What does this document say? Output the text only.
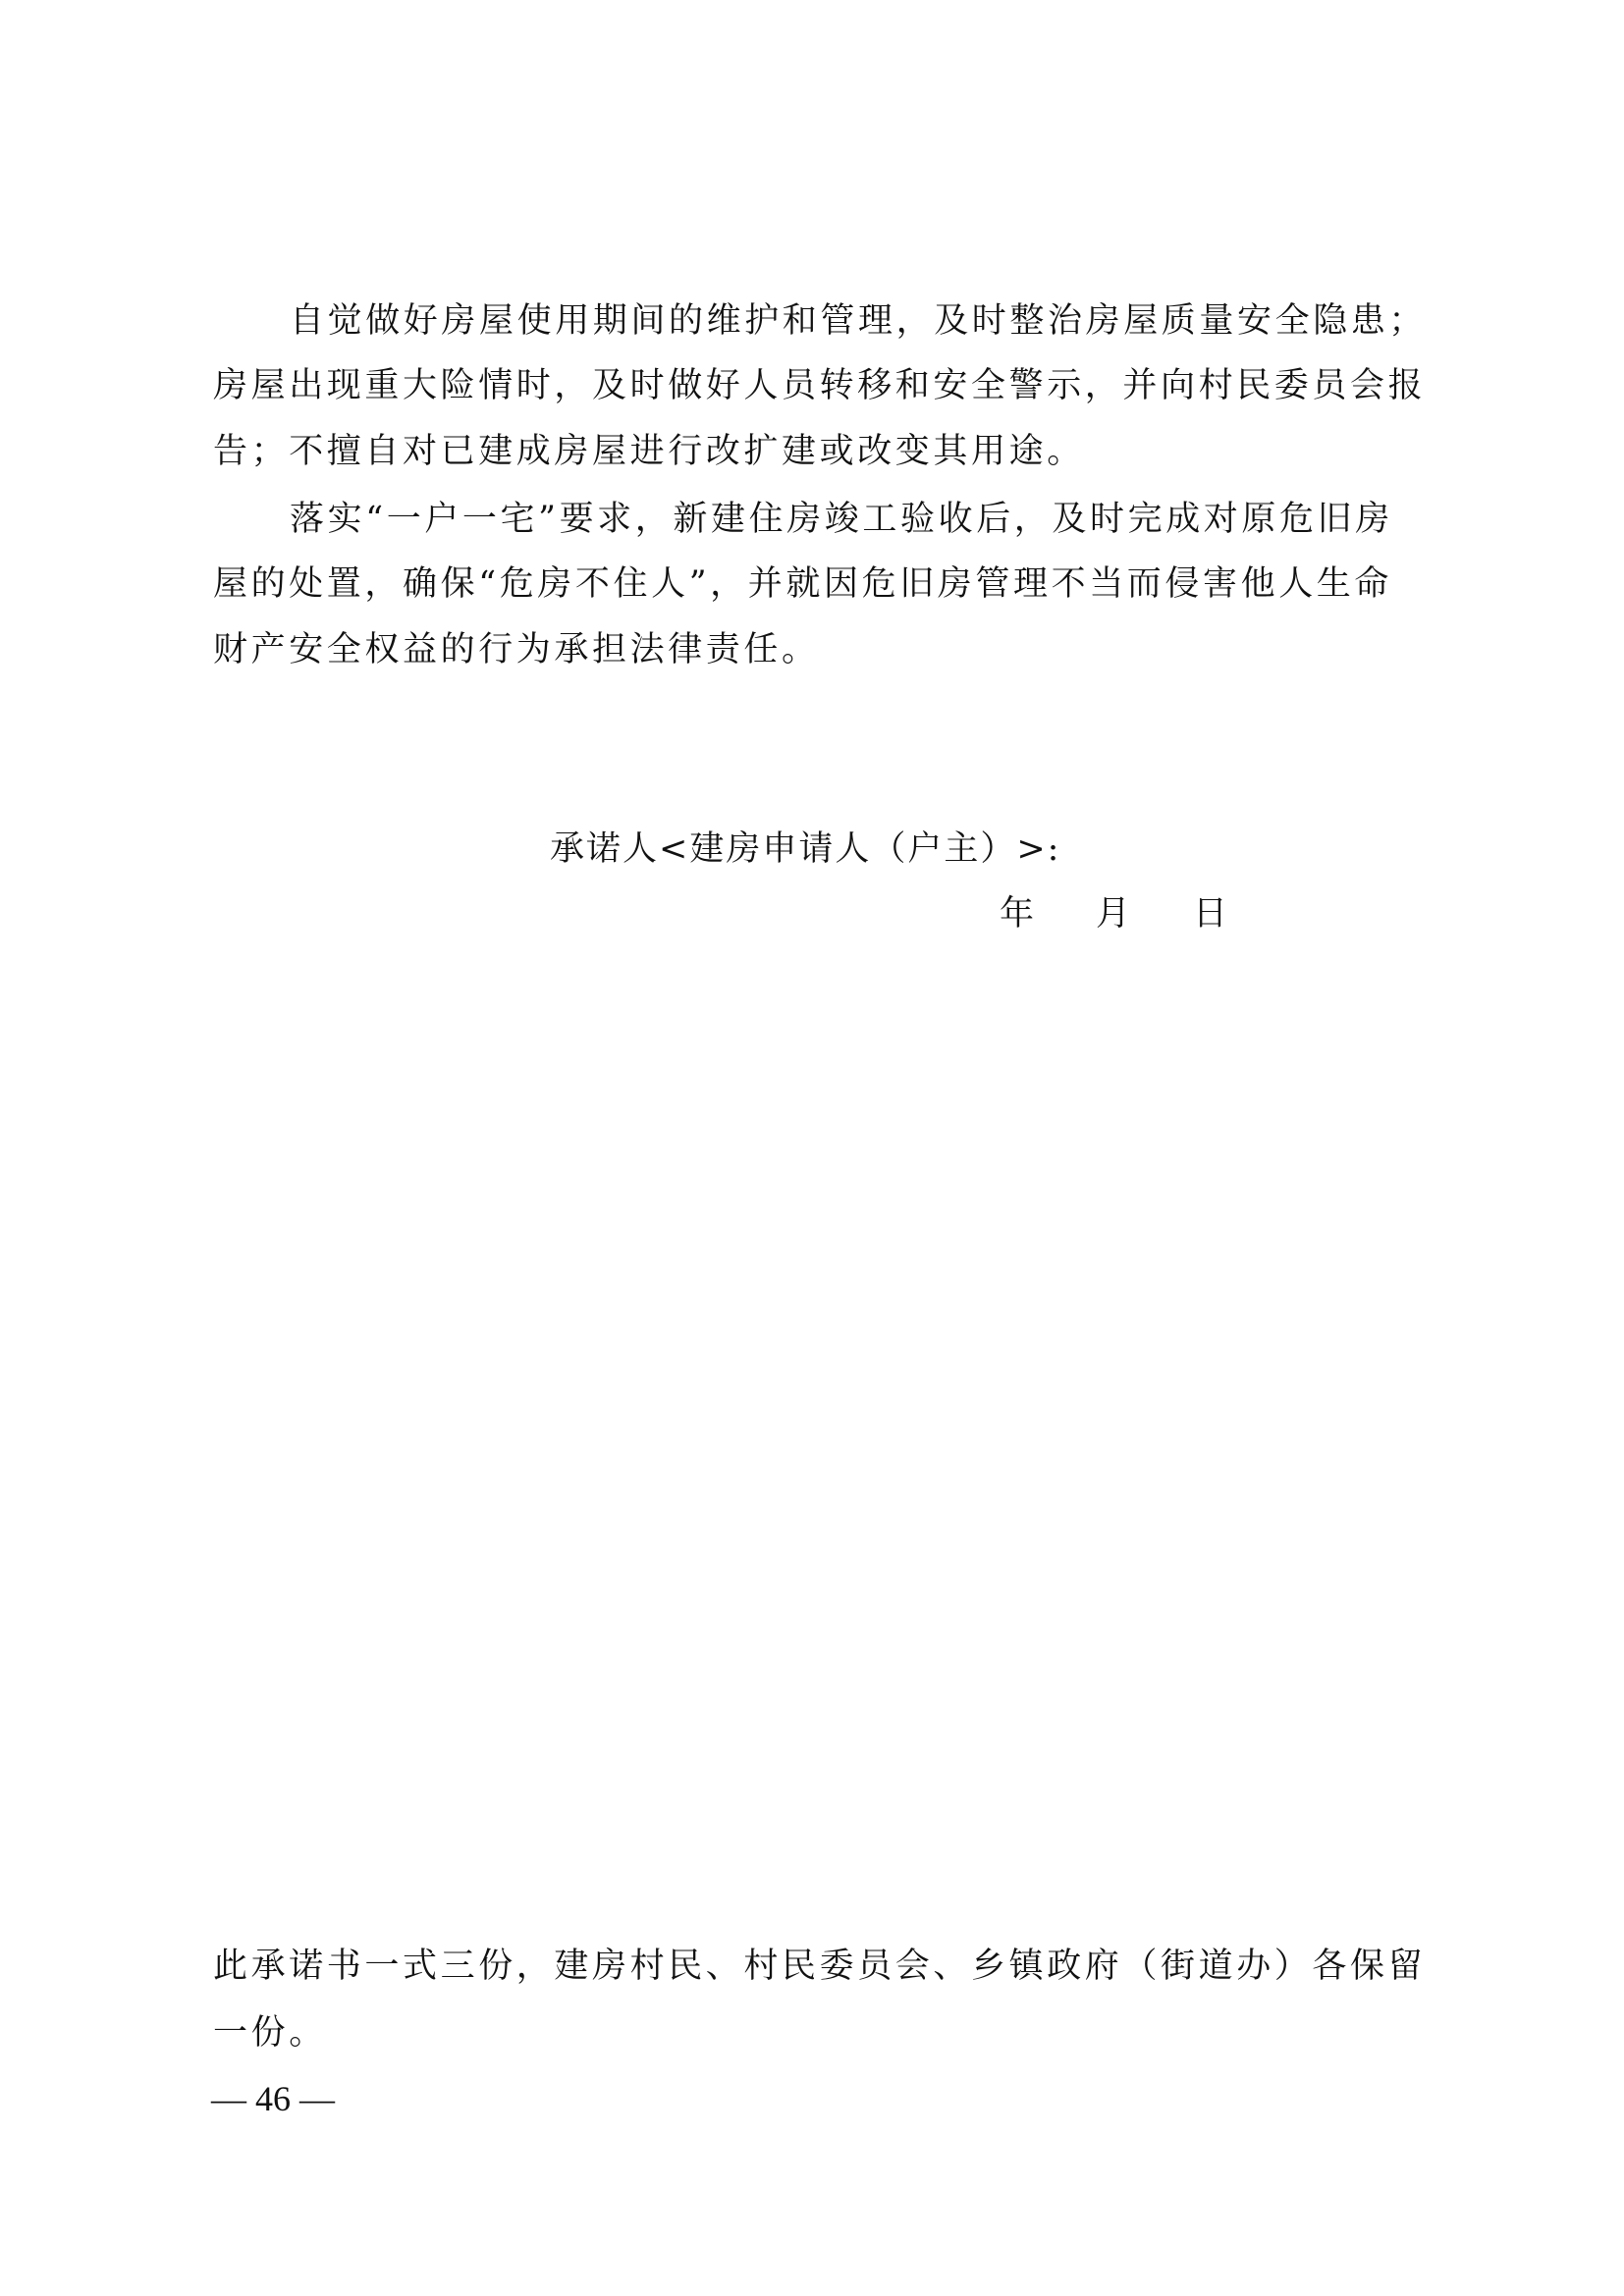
自觉做好房屋使用期间的维护和管理，及时整治房屋质量安全隐患；
房屋出现重大险情时，及时做好人员转移和安全警示，并向村民委员会报
告；不擅自对已建成房屋进行改扩建或改变其用途。
落实“一户一宅”要求，新建住房竣工验收后，及时完成对原危旧房
屋的处置，确保“危房不住人”，并就因危旧房管理不当而侵害他人生命
财产安全权益的行为承担法律责任。
承诺人<建房申请人（户主）>:
年 月 日
此承诺书一式三份，建房村民、村民委员会、乡镇政府（街道办）各保留
一份。
— 46 —
